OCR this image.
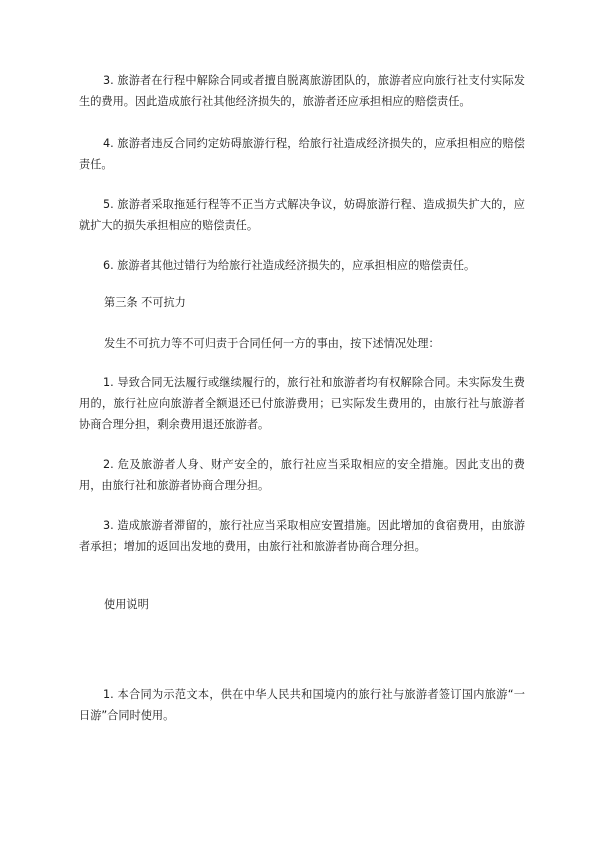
3. 旅游者在行程中解除合同或者擅自脱离旅游团队的，旅游者应向旅行社支付实际发生的费用。因此造成旅行社其他经济损失的，旅游者还应承担相应的赔偿责任。

4. 旅游者违反合同约定妨碍旅游行程，给旅行社造成经济损失的，应承担相应的赔偿责任。

5. 旅游者采取拖延行程等不正当方式解决争议，妨碍旅游行程、造成损失扩大的，应就扩大的损失承担相应的赔偿责任。

6. 旅游者其他过错行为给旅行社造成经济损失的，应承担相应的赔偿责任。

第三条 不可抗力

发生不可抗力等不可归责于合同任何一方的事由，按下述情况处理：

1. 导致合同无法履行或继续履行的，旅行社和旅游者均有权解除合同。未实际发生费用的，旅行社应向旅游者全额退还已付旅游费用；已实际发生费用的，由旅行社与旅游者协商合理分担，剩余费用退还旅游者。

2. 危及旅游者人身、财产安全的，旅行社应当采取相应的安全措施。因此支出的费用，由旅行社和旅游者协商合理分担。

3. 造成旅游者滞留的，旅行社应当采取相应安置措施。因此增加的食宿费用，由旅游者承担；增加的返回出发地的费用，由旅行社和旅游者协商合理分担。

使用说明

1. 本合同为示范文本，供在中华人民共和国境内的旅行社与旅游者签订国内旅游“一日游”合同时使用。
